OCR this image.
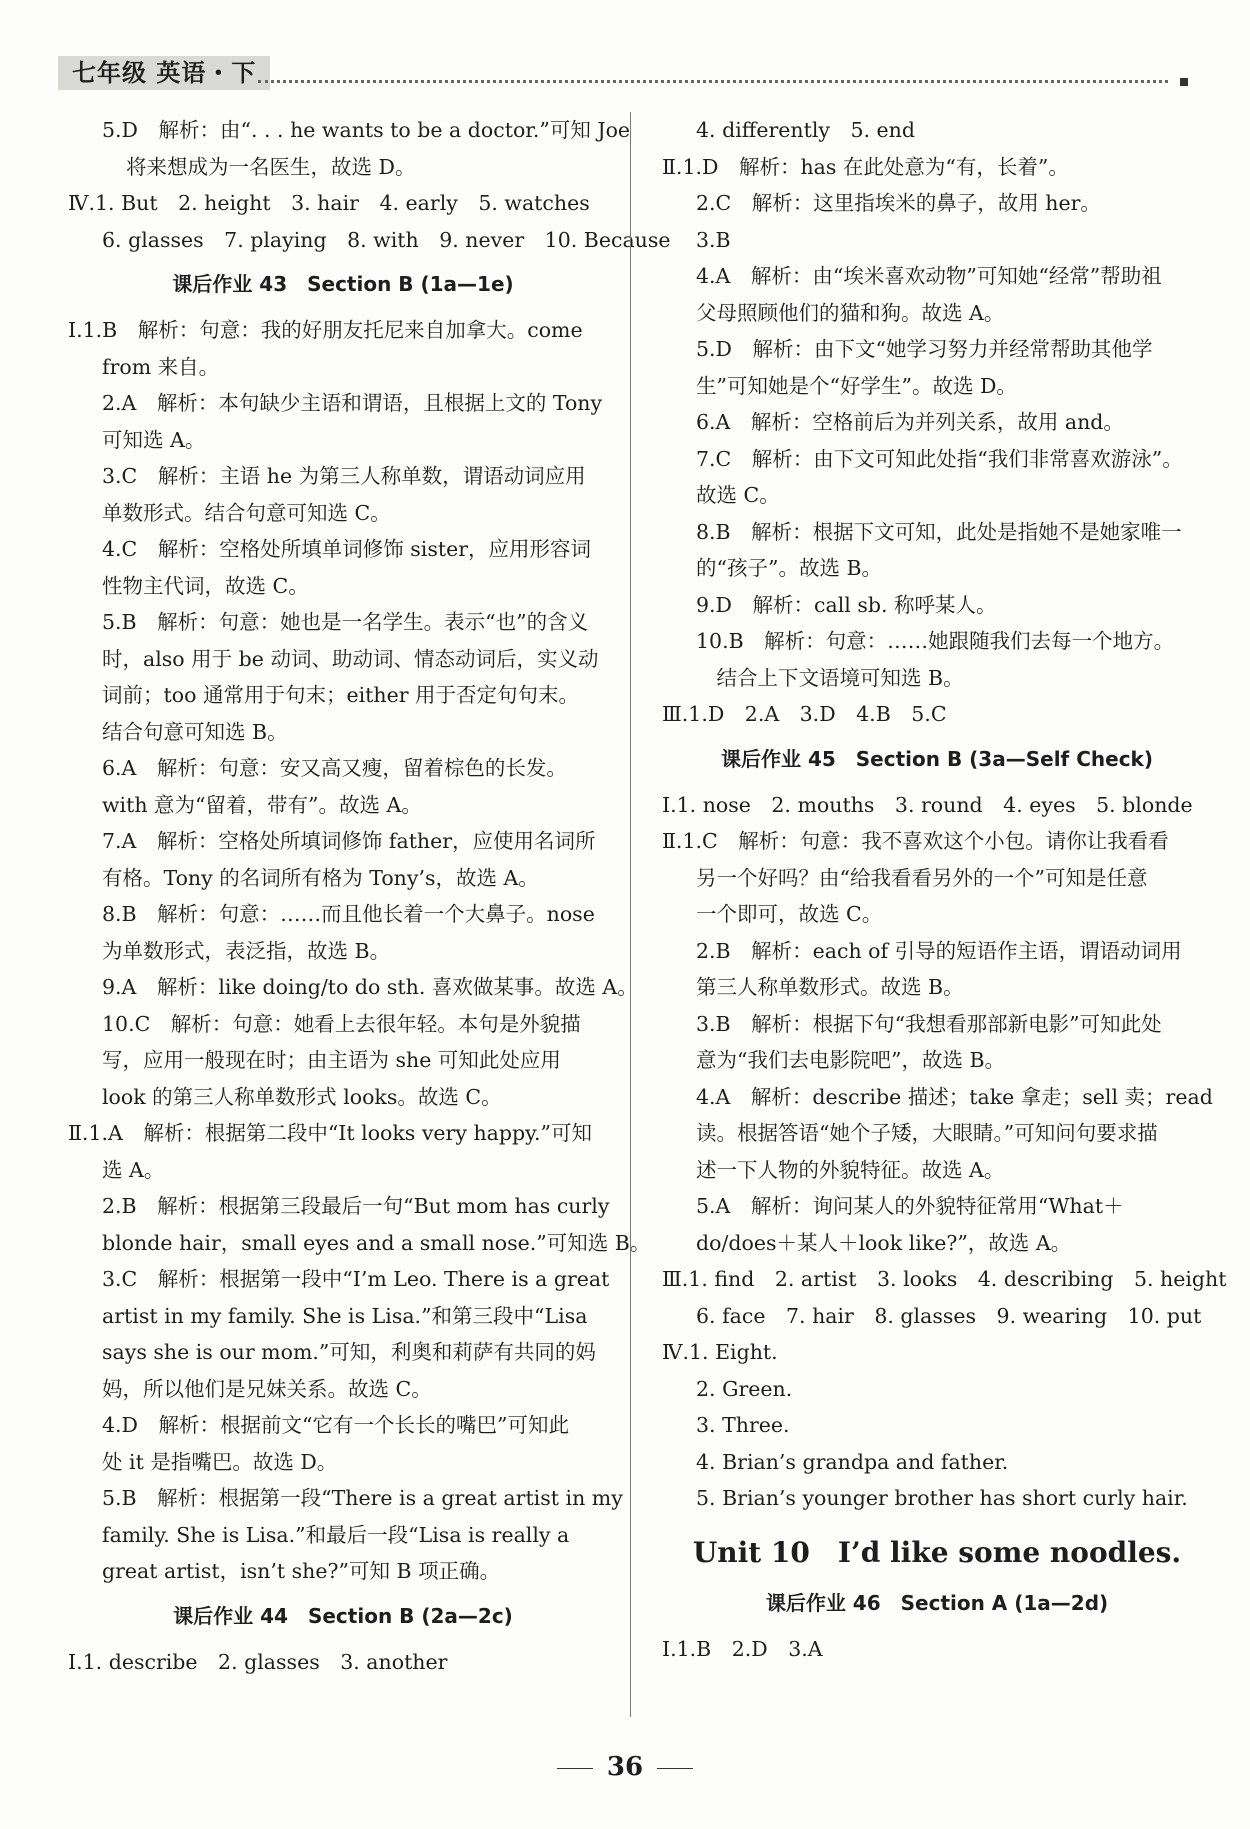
七年级 英语・下
5.D　解析：由“. . . he wants to be a doctor.”可知 Joe
将来想成为一名医生，故选 D。
Ⅳ.1. But　2. height　3. hair　4. early　5. watches
6. glasses　7. playing　8. with　9. never　10. Because
课后作业 43　Section B (1a—1e)
Ⅰ.1.B　解析：句意：我的好朋友托尼来自加拿大。come
from 来自。
2.A　解析：本句缺少主语和谓语，且根据上文的 Tony
可知选 A。
3.C　解析：主语 he 为第三人称单数，谓语动词应用
单数形式。结合句意可知选 C。
4.C　解析：空格处所填单词修饰 sister，应用形容词
性物主代词，故选 C。
5.B　解析：句意：她也是一名学生。表示“也”的含义
时，also 用于 be 动词、助动词、情态动词后，实义动
词前；too 通常用于句末；either 用于否定句句末。
结合句意可知选 B。
6.A　解析：句意：安又高又瘦，留着棕色的长发。
with 意为“留着，带有”。故选 A。
7.A　解析：空格处所填词修饰 father，应使用名词所
有格。Tony 的名词所有格为 Tony’s，故选 A。
8.B　解析：句意：……而且他长着一个大鼻子。nose
为单数形式，表泛指，故选 B。
9.A　解析：like doing/to do sth. 喜欢做某事。故选 A。
10.C　解析：句意：她看上去很年轻。本句是外貌描
写，应用一般现在时；由主语为 she 可知此处应用
look 的第三人称单数形式 looks。故选 C。
Ⅱ.1.A　解析：根据第二段中“It looks very happy.”可知
选 A。
2.B　解析：根据第三段最后一句“But mom has curly
blonde hair，small eyes and a small nose.”可知选 B。
3.C　解析：根据第一段中“I’m Leo. There is a great
artist in my family. She is Lisa.”和第三段中“Lisa
says she is our mom.”可知，利奥和莉萨有共同的妈
妈，所以他们是兄妹关系。故选 C。
4.D　解析：根据前文“它有一个长长的嘴巴”可知此
处 it 是指嘴巴。故选 D。
5.B　解析：根据第一段“There is a great artist in my
family. She is Lisa.”和最后一段“Lisa is really a
great artist，isn’t she?”可知 B 项正确。
课后作业 44　Section B (2a—2c)
Ⅰ.1. describe　2. glasses　3. another
4. differently　5. end
Ⅱ.1.D　解析：has 在此处意为“有，长着”。
2.C　解析：这里指埃米的鼻子，故用 her。
3.B
4.A　解析：由“埃米喜欢动物”可知她“经常”帮助祖
父母照顾他们的猫和狗。故选 A。
5.D　解析：由下文“她学习努力并经常帮助其他学
生”可知她是个“好学生”。故选 D。
6.A　解析：空格前后为并列关系，故用 and。
7.C　解析：由下文可知此处指“我们非常喜欢游泳”。
故选 C。
8.B　解析：根据下文可知，此处是指她不是她家唯一
的“孩子”。故选 B。
9.D　解析：call sb. 称呼某人。
10.B　解析：句意：……她跟随我们去每一个地方。
　结合上下文语境可知选 B。
Ⅲ.1.D　2.A　3.D　4.B　5.C
课后作业 45　Section B (3a—Self Check)
Ⅰ.1. nose　2. mouths　3. round　4. eyes　5. blonde
Ⅱ.1.C　解析：句意：我不喜欢这个小包。请你让我看看
另一个好吗？由“给我看看另外的一个”可知是任意
一个即可，故选 C。
2.B　解析：each of 引导的短语作主语，谓语动词用
第三人称单数形式。故选 B。
3.B　解析：根据下句“我想看那部新电影”可知此处
意为“我们去电影院吧”，故选 B。
4.A　解析：describe 描述；take 拿走；sell 卖；read
读。根据答语“她个子矮，大眼睛。”可知问句要求描
述一下人物的外貌特征。故选 A。
5.A　解析：询问某人的外貌特征常用“What＋
do/does＋某人＋look like?”，故选 A。
Ⅲ.1. find　2. artist　3. looks　4. describing　5. height
6. face　7. hair　8. glasses　9. wearing　10. put
Ⅳ.1. Eight.
2. Green.
3. Three.
4. Brian’s grandpa and father.
5. Brian’s younger brother has short curly hair.
Unit 10　I’d like some noodles.
课后作业 46　Section A (1a—2d)
Ⅰ.1.B　2.D　3.A
36
